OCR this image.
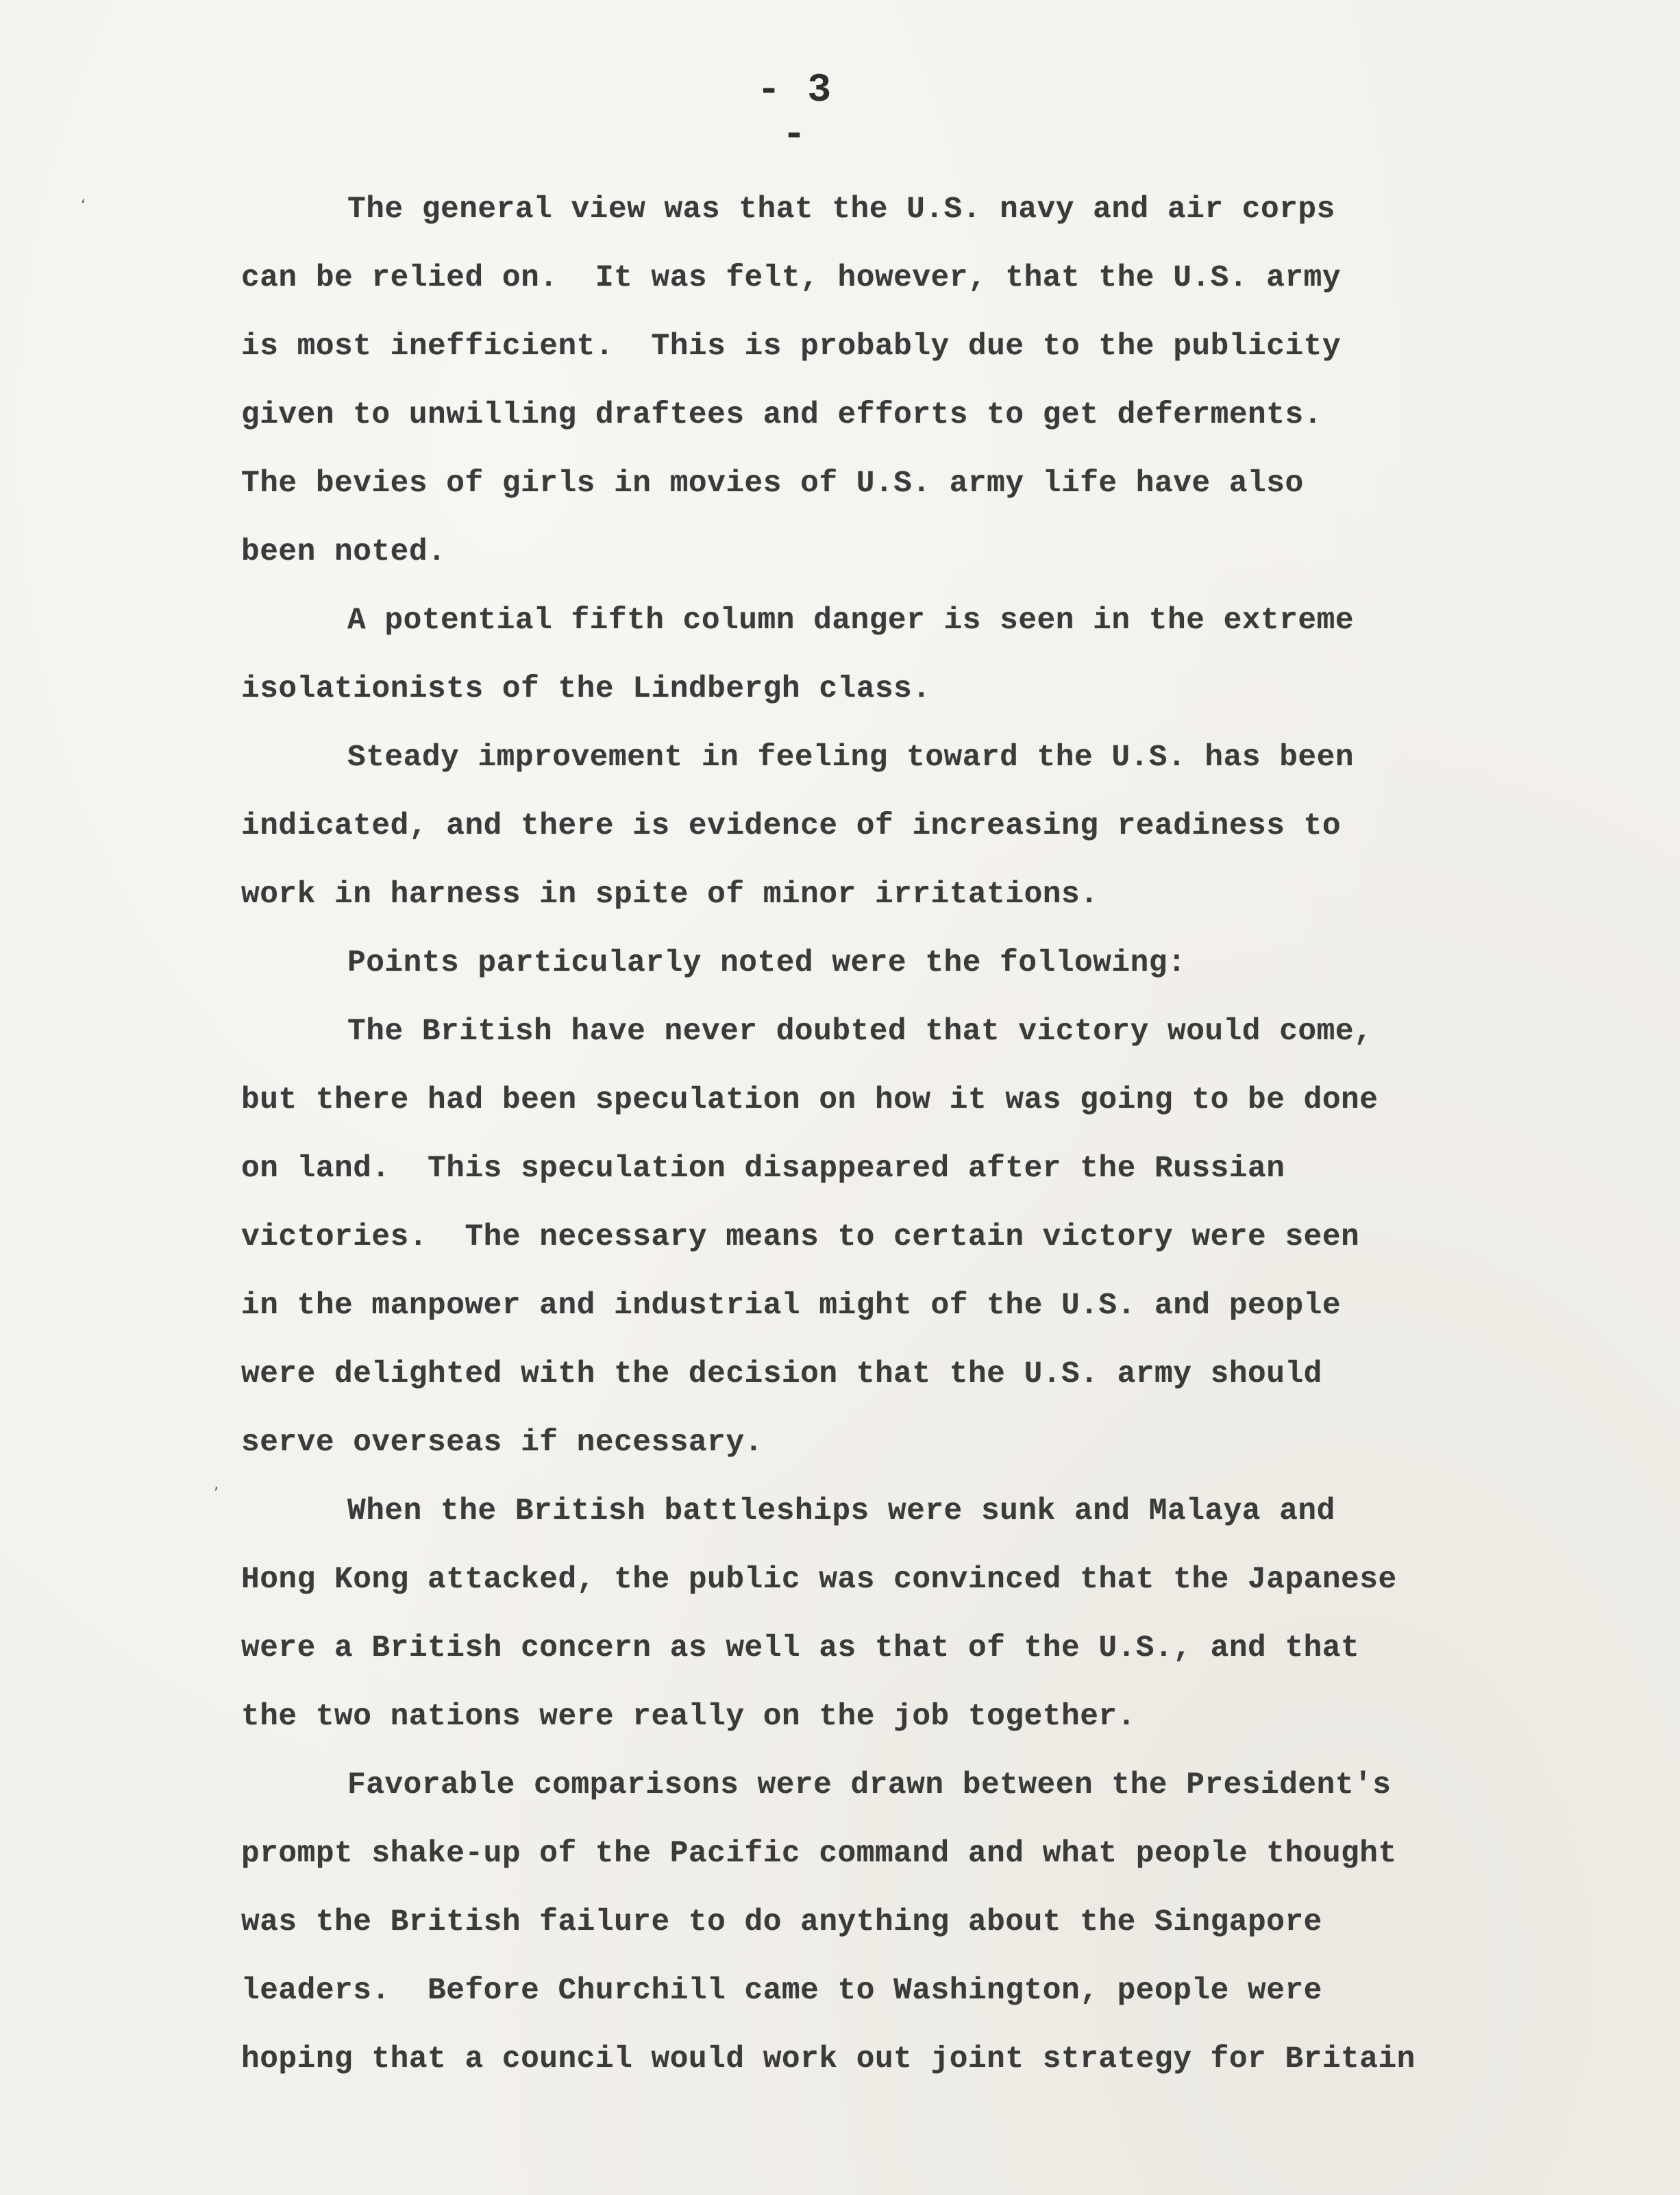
- 3 -
‘
’
The general view was that the U.S. navy and air corps
can be relied on.  It was felt, however, that the U.S. army
is most inefficient.  This is probably due to the publicity
given to unwilling draftees and efforts to get deferments.
The bevies of girls in movies of U.S. army life have also
been noted.
A potential fifth column danger is seen in the extreme
isolationists of the Lindbergh class.
Steady improvement in feeling toward the U.S. has been
indicated, and there is evidence of increasing readiness to
work in harness in spite of minor irritations.
Points particularly noted were the following:
The British have never doubted that victory would come,
but there had been speculation on how it was going to be done
on land.  This speculation disappeared after the Russian
victories.  The necessary means to certain victory were seen
in the manpower and industrial might of the U.S. and people
were delighted with the decision that the U.S. army should
serve overseas if necessary.
When the British battleships were sunk and Malaya and
Hong Kong attacked, the public was convinced that the Japanese
were a British concern as well as that of the U.S., and that
the two nations were really on the job together.
Favorable comparisons were drawn between the President's
prompt shake-up of the Pacific command and what people thought
was the British failure to do anything about the Singapore
leaders.  Before Churchill came to Washington, people were
hoping that a council would work out joint strategy for Britain
